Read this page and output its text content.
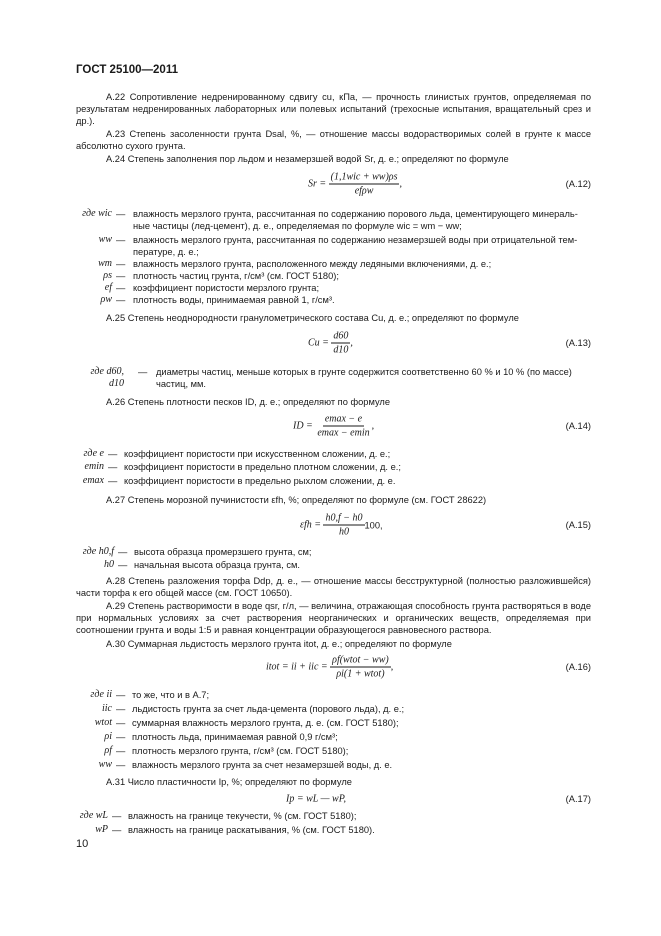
ГОСТ 25100—2011
А.22 Сопротивление недренированному сдвигу cu, кПа, — прочность глинистых грунтов, определяемая по результатам недренированных лабораторных или полевых испытаний (трехосные испытания, вращательный срез и др.).
А.23 Степень засоленности грунта Dsal, %, — отношение массы водорастворимых солей в грунте к массе абсолютно сухого грунта.
А.24 Степень заполнения пор льдом и незамерзшей водой Sr, д. е.; определяют по формуле
Sr =
$\frac{\text{(1,1wic + ww)ρs}}{\text{efρw}}$ ,	(А.12)
где wic — влажность мерзлого грунта, рассчитанная по содержанию порового льда, цементирующего минераль-ные частицы (лед-цемент), д. е., определяемая по формуле wic = wm − ww;
ww — влажность мерзлого грунта, рассчитанная по содержанию незамерзшей воды при отрицательной тем-пературе, д. е.;
wm — влажность мерзлого грунта, расположенного между ледяными включениями, д. е.;
ρs — плотность частиц грунта, г/см³ (см. ГОСТ 5180);
ef — коэффициент пористости мерзлого грунта;
ρw — плотность воды, принимаемая равной 1, г/см³.
А.25 Степень неоднородности гранулометрического состава Cu, д. е.; определяют по формуле
Cu =
$\frac{d60}{d10}$ ,	(А.13)
где d60, d10
— диаметры частиц, меньше которых в грунте содержится соответственно 60 % и 10 % (по массе) частиц, мм.
А.26 Степень плотности песков ID, д. е.; определяют по формуле
ID =
$\frac{emax - e}{emax - emin}$ ,	(А.14)
где e — коэффициент пористости при искусственном сложении, д. е.;
emin — коэффициент пористости в предельно плотном сложении, д. е.;
emax — коэффициент пористости в предельно рыхлом сложении, д. е.
А.27 Степень морозной пучинистости εfh, %; определяют по формуле (см. ГОСТ 28622)
εfh =
$\frac{h0,f - h0}{h0} 100$,	(А.15)
где h0,f — высота образца промерзшего грунта, см;
h0 — начальная высота образца грунта, см.
А.28 Степень разложения торфа Ddp, д. е., — отношение массы бесструктурной (полностью разложившейся) части торфа к его общей массе (см. ГОСТ 10650).
А.29 Степень растворимости в воде qsr, г/л, — величина, отражающая способность грунта растворяться в воде при нормальных условиях за счет растворения неорганических и органических веществ, определяемая при соотношении грунта и воды 1:5 и равная концентрации образующегося равновесного раствора.
А.30 Суммарная льдистость мерзлого грунта itot, д. е.; определяют по формуле
itot = ii + iic =
$\frac{\text{ρf(wtot − ww)}}{\text{ρi(1 + wtot)}}$ ,	(А.16)
где ii — то же, что и в А.7;
iic — льдистость грунта за счет льда-цемента (порового льда), д. е.;
wtot — суммарная влажность мерзлого грунта, д. е. (см. ГОСТ 5180);
ρi — плотность льда, принимаемая равной 0,9 г/см³;
ρf — плотность мерзлого грунта, г/см³ (см. ГОСТ 5180);
ww — влажность мерзлого грунта за счет незамерзшей воды, д. е.
А.31 Число пластичности Ip, %; определяют по формуле
Ip = wL — wP,	(А.17)
где wL — влажность на границе текучести, % (см. ГОСТ 5180);
wP — влажность на границе раскатывания, % (см. ГОСТ 5180).
10
